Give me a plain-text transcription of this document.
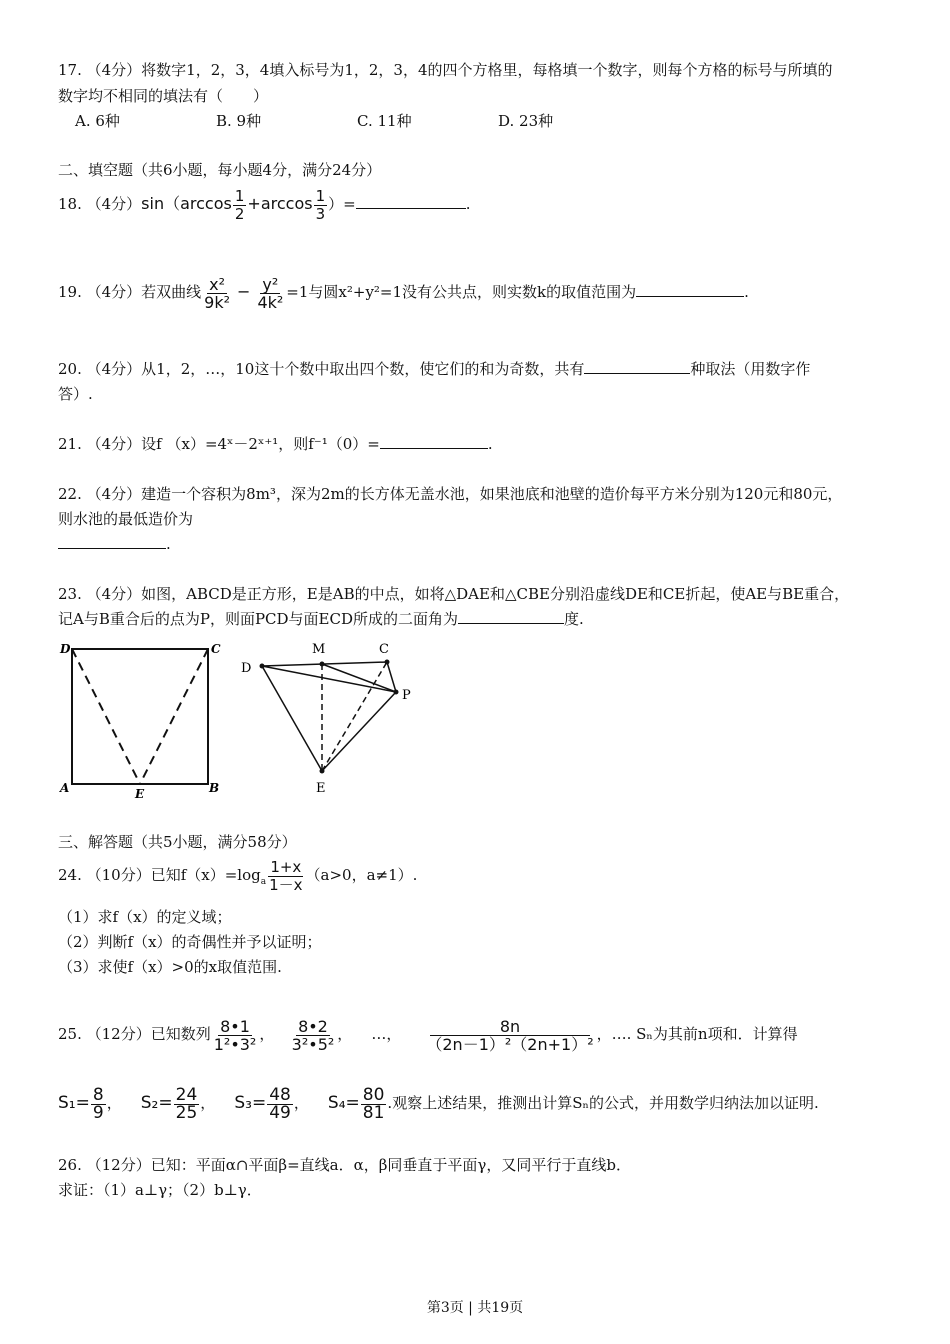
17. （4分）将数字1，2，3，4填入标号为1，2，3，4的四个方格里，每格填一个数字，则每个方格的标号与所填的
数字均不相同的填法有（　　）
A. 6种	B. 9种	C. 11种	D. 23种
二、填空题（共6小题，每小题4分，满分24分）
18. （4分）$\sin(\arccos \frac{1}{2} +\arccos \frac{1}{3}$ ）=	.
19. （4分）若双曲线 $\frac{\text{x²}}{\text{9k²}} - \frac{\text{y²}}{\text{4k²}} =1$与圆x²+y²=1没有公共点，则实数k的取值范围为	.
20. （4分）从1，2，…，10这十个数中取出四个数，使它们的和为奇数，共有	种取法（用数字作
答）.
21. （4分）设f （x）=4ˣ－2ˣ⁺¹，则f⁻¹（0）=	.
22. （4分）建造一个容积为8m³，深为2m的长方体无盖水池，如果池底和池壁的造价每平方米分别为120元和80元，
则水池的最低造价为
.
23. （4分）如图，ABCD是正方形，E是AB的中点，如将△DAE和△CBE分别沿虚线DE和CE折起，使AE与BE重合，
记A与B重合后的点为P，则面PCD与面ECD所成的二面角为	度.
D	C
A	E	B
D
M	C
P
E
三、解答题（共5小题，满分58分）
24. （10分）已知$f(x)=\log_a \frac{1+x}{1-x} (a>0$，a≠1）.
（1）求f（x）的定义域；
（2）判断f（x）的奇偶性并予以证明；
（3）求使f（x）>0的x取值范围.
25. （12分）已知数列 $\frac{8•1}{\text{1²•3²}}$ ， $\frac{8•2}{\text{3²•5²}}$ ，    …， $\frac{8n}{\text{（2n－1）²（2n+1）²}}$ ，…. Sₙ为其前n项和．计算得
$S_1= \frac{8}{9}$ ，    $S_2= \frac{24}{25}$ ，    $S_3= \frac{48}{49}$ ，    $S_4= \frac{80}{81}$ .观察上述结果，推测出计算Sₙ的公式，并用数学归纳法加以证明.
26. （12分）已知：平面α∩平面β=直线a．α，β同垂直于平面γ，又同平行于直线b．
求证：（1）a⊥γ；（2）b⊥γ．
第3页 | 共19页
